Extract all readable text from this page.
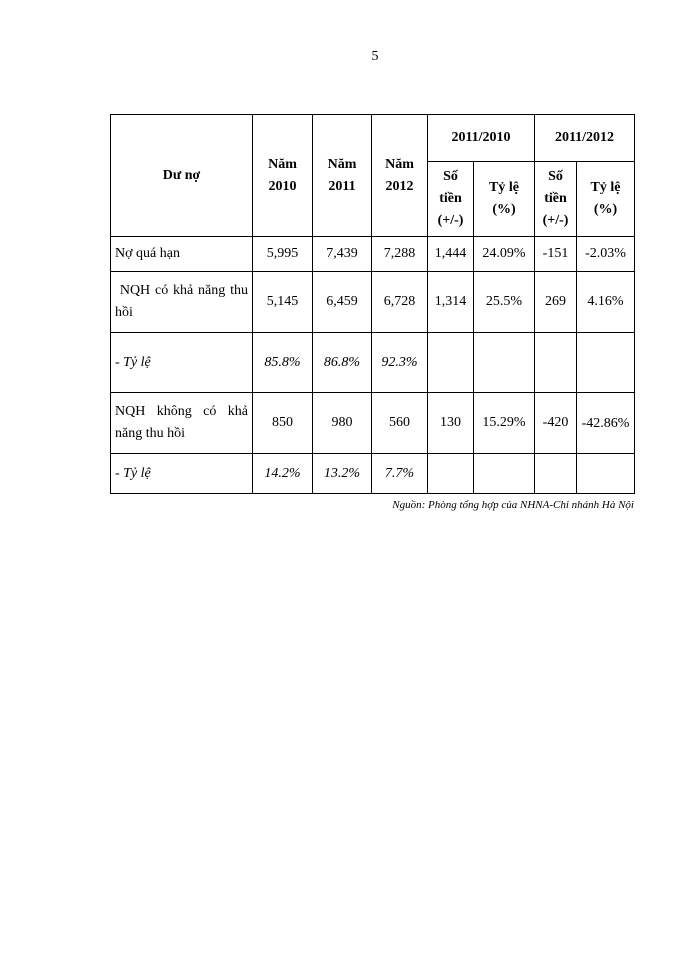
5
Dư nợ	Năm 2010	Năm 2011	Năm 2012	2011/2010		2011/2012	
				Số tiền (+/-)	Tỷ lệ (%)	Số tiền (+/-)	Tỷ lệ (%)
Nợ quá hạn	5,995	7,439	7,288	1,444	24.09%	-151	-2.03%
NQH có khả năng thu hồi	5,145	6,459	6,728	1,314	25.5%	269	4.16%
- Tỷ lệ	85.8%	86.8%	92.3%				
NQH không có khả năng thu hồi	850	980	560	130	15.29%	-420	-42.86%
- Tỷ lệ	14.2%	13.2%	7.7%				
Nguồn: Phòng tổng hợp của NHNA-Chi nhánh Hà Nội
